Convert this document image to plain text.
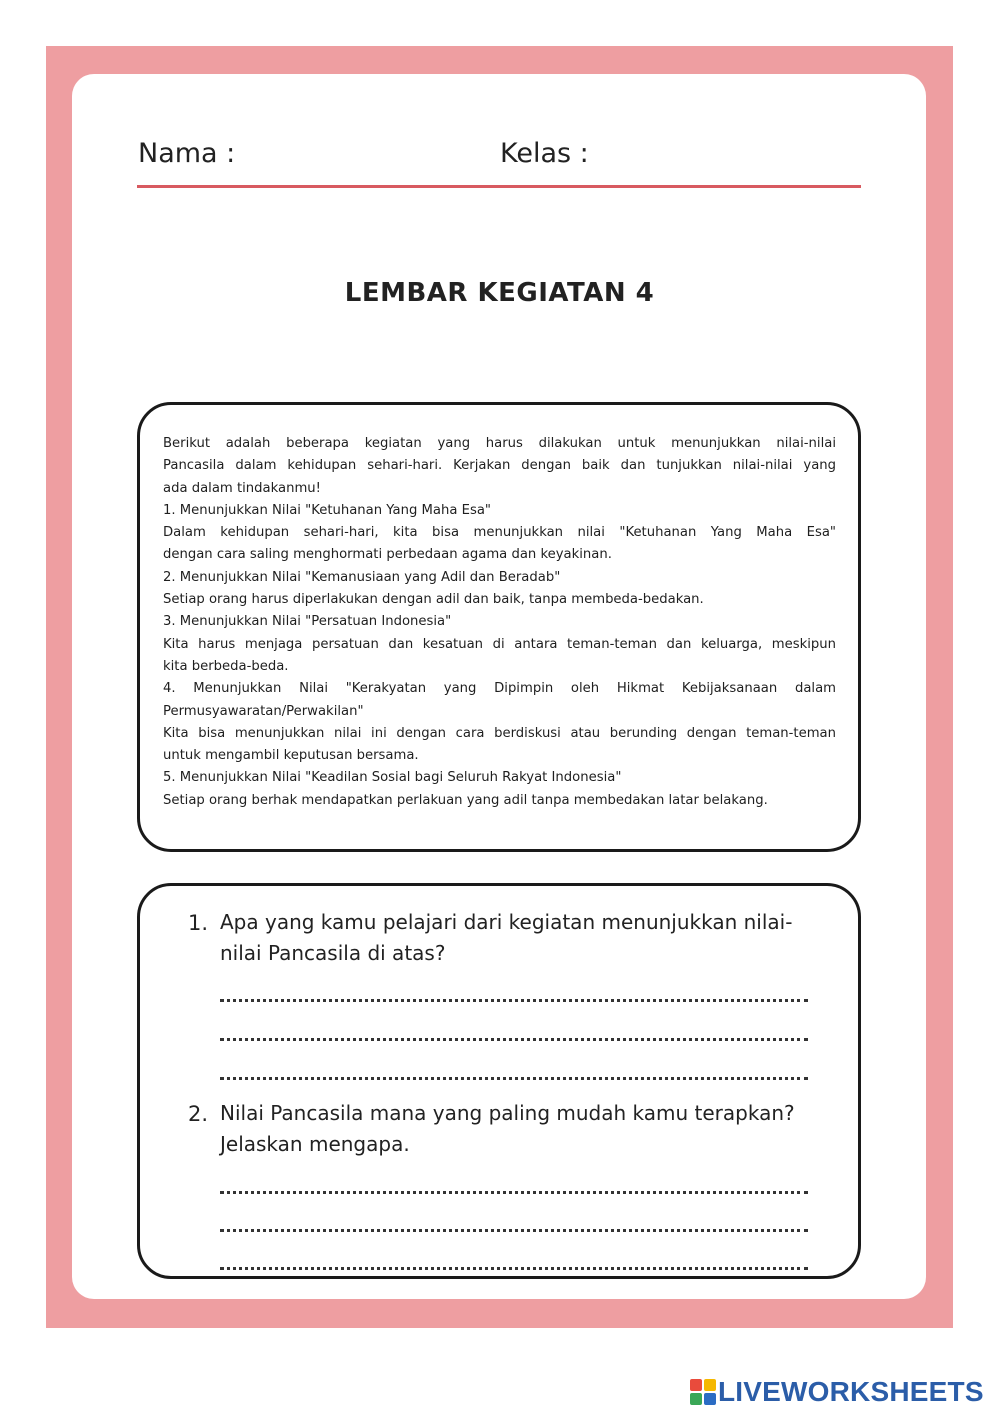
Nama :	Kelas :
LEMBAR KEGIATAN 4

Berikut adalah beberapa kegiatan yang harus dilakukan untuk menunjukkan nilai-nilai

Pancasila dalam kehidupan sehari-hari. Kerjakan dengan baik dan tunjukkan nilai-nilai yang

ada dalam tindakanmu!

1. Menunjukkan Nilai "Ketuhanan Yang Maha Esa"

Dalam kehidupan sehari-hari, kita bisa menunjukkan nilai "Ketuhanan Yang Maha Esa"

dengan cara saling menghormati perbedaan agama dan keyakinan.

2. Menunjukkan Nilai "Kemanusiaan yang Adil dan Beradab"

Setiap orang harus diperlakukan dengan adil dan baik, tanpa membeda-bedakan.

3. Menunjukkan Nilai "Persatuan Indonesia"

Kita harus menjaga persatuan dan kesatuan di antara teman-teman dan keluarga, meskipun

kita berbeda-beda.

4. Menunjukkan Nilai "Kerakyatan yang Dipimpin oleh Hikmat Kebijaksanaan dalam

Permusyawaratan/Perwakilan"

Kita bisa menunjukkan nilai ini dengan cara berdiskusi atau berunding dengan teman-teman

untuk mengambil keputusan bersama.

5. Menunjukkan Nilai "Keadilan Sosial bagi Seluruh Rakyat Indonesia"

Setiap orang berhak mendapatkan perlakuan yang adil tanpa membedakan latar belakang.

1. Apa yang kamu pelajari dari kegiatan menunjukkan nilai-
nilai Pancasila di atas?
2. Nilai Pancasila mana yang paling mudah kamu terapkan?
Jelaskan mengapa.
LIVEWORKSHEETS
